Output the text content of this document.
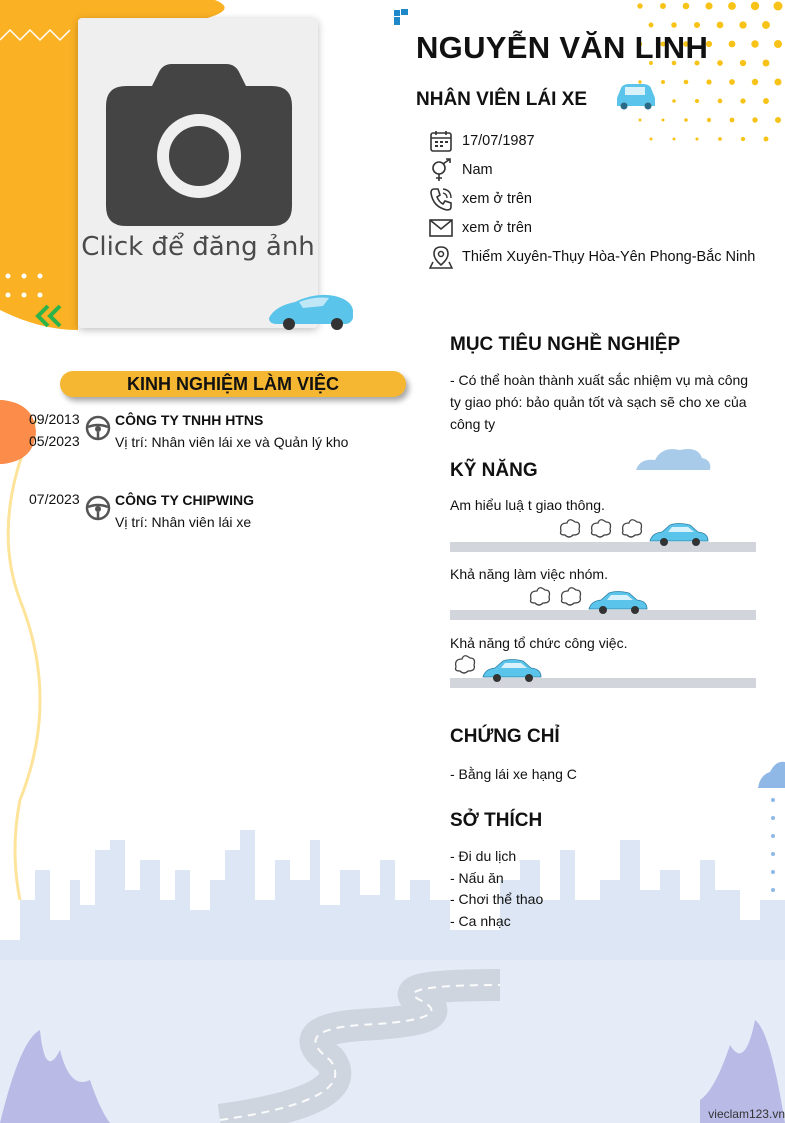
Click để đăng ảnh
NGUYỄN VĂN LINH
NHÂN VIÊN LÁI XE
17/07/1987
Nam
xem ở trên
xem ở trên
Thiểm Xuyên-Thụy Hòa-Yên Phong-Bắc Ninh
KINH NGHIỆM LÀM VIỆC
09/2013
05/2023
CÔNG TY TNHH HTNS
Vị trí: Nhân viên lái xe và Quản lý kho
07/2023	CÔNG TY CHIPWING
Vị trí: Nhân viên lái xe
MỤC TIÊU NGHỀ NGHIỆP
- Có thể hoàn thành xuất sắc nhiệm vụ mà công ty giao phó: bảo quản tốt và sạch sẽ cho xe của công ty
KỸ NĂNG
Am hiểu luậ t giao thông.
Khả năng làm việc nhóm.
Khả năng tổ chức công việc.
CHỨNG CHỈ
- Bằng lái xe hạng C
SỞ THÍCH
- Đi du lịch
- Nấu ăn
- Chơi thể thao
- Ca nhạc
vieclam123.vn
